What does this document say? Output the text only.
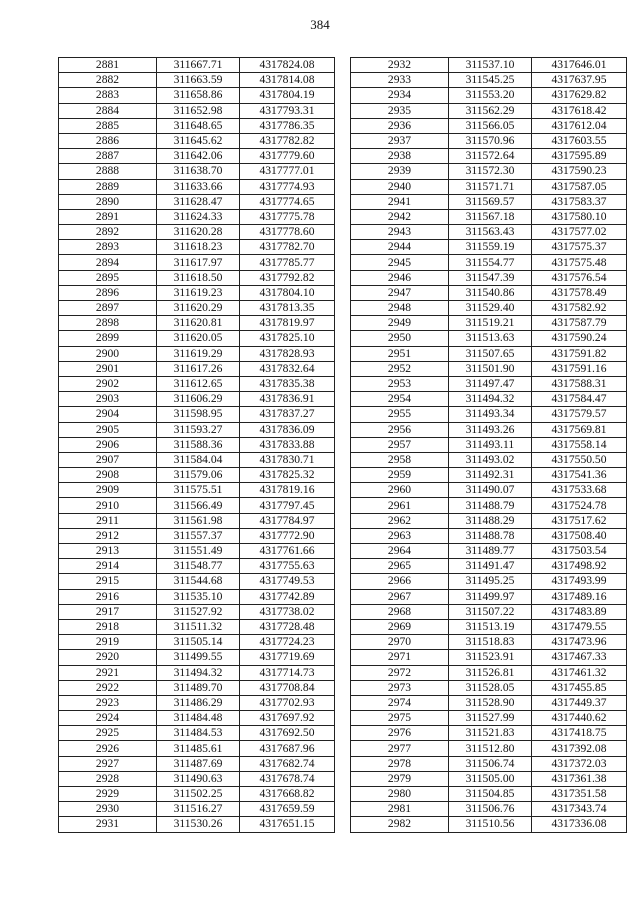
384
2881	311667.71	4317824.08
2882	311663.59	4317814.08
2883	311658.86	4317804.19
2884	311652.98	4317793.31
2885	311648.65	4317786.35
2886	311645.62	4317782.82
2887	311642.06	4317779.60
2888	311638.70	4317777.01
2889	311633.66	4317774.93
2890	311628.47	4317774.65
2891	311624.33	4317775.78
2892	311620.28	4317778.60
2893	311618.23	4317782.70
2894	311617.97	4317785.77
2895	311618.50	4317792.82
2896	311619.23	4317804.10
2897	311620.29	4317813.35
2898	311620.81	4317819.97
2899	311620.05	4317825.10
2900	311619.29	4317828.93
2901	311617.26	4317832.64
2902	311612.65	4317835.38
2903	311606.29	4317836.91
2904	311598.95	4317837.27
2905	311593.27	4317836.09
2906	311588.36	4317833.88
2907	311584.04	4317830.71
2908	311579.06	4317825.32
2909	311575.51	4317819.16
2910	311566.49	4317797.45
2911	311561.98	4317784.97
2912	311557.37	4317772.90
2913	311551.49	4317761.66
2914	311548.77	4317755.63
2915	311544.68	4317749.53
2916	311535.10	4317742.89
2917	311527.92	4317738.02
2918	311511.32	4317728.48
2919	311505.14	4317724.23
2920	311499.55	4317719.69
2921	311494.32	4317714.73
2922	311489.70	4317708.84
2923	311486.29	4317702.93
2924	311484.48	4317697.92
2925	311484.53	4317692.50
2926	311485.61	4317687.96
2927	311487.69	4317682.74
2928	311490.63	4317678.74
2929	311502.25	4317668.82
2930	311516.27	4317659.59
2931	311530.26	4317651.15
2932	311537.10	4317646.01
2933	311545.25	4317637.95
2934	311553.20	4317629.82
2935	311562.29	4317618.42
2936	311566.05	4317612.04
2937	311570.96	4317603.55
2938	311572.64	4317595.89
2939	311572.30	4317590.23
2940	311571.71	4317587.05
2941	311569.57	4317583.37
2942	311567.18	4317580.10
2943	311563.43	4317577.02
2944	311559.19	4317575.37
2945	311554.77	4317575.48
2946	311547.39	4317576.54
2947	311540.86	4317578.49
2948	311529.40	4317582.92
2949	311519.21	4317587.79
2950	311513.63	4317590.24
2951	311507.65	4317591.82
2952	311501.90	4317591.16
2953	311497.47	4317588.31
2954	311494.32	4317584.47
2955	311493.34	4317579.57
2956	311493.26	4317569.81
2957	311493.11	4317558.14
2958	311493.02	4317550.50
2959	311492.31	4317541.36
2960	311490.07	4317533.68
2961	311488.79	4317524.78
2962	311488.29	4317517.62
2963	311488.78	4317508.40
2964	311489.77	4317503.54
2965	311491.47	4317498.92
2966	311495.25	4317493.99
2967	311499.97	4317489.16
2968	311507.22	4317483.89
2969	311513.19	4317479.55
2970	311518.83	4317473.96
2971	311523.91	4317467.33
2972	311526.81	4317461.32
2973	311528.05	4317455.85
2974	311528.90	4317449.37
2975	311527.99	4317440.62
2976	311521.83	4317418.75
2977	311512.80	4317392.08
2978	311506.74	4317372.03
2979	311505.00	4317361.38
2980	311504.85	4317351.58
2981	311506.76	4317343.74
2982	311510.56	4317336.08
